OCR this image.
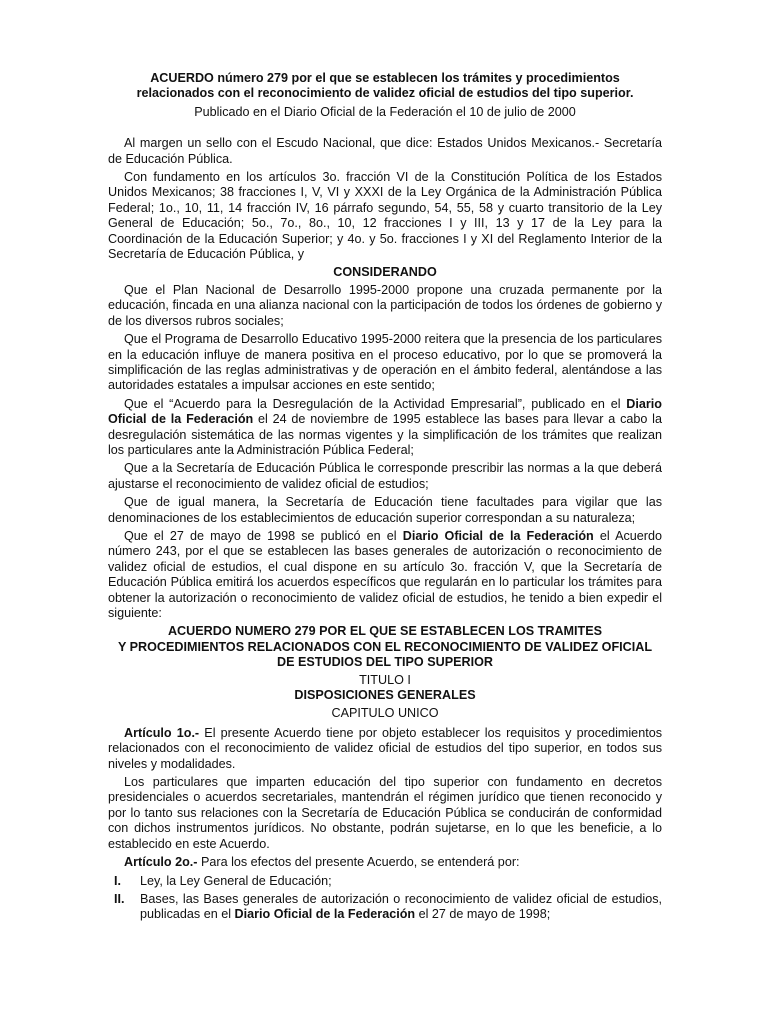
ACUERDO número 279 por el que se establecen los trámites y procedimientos
relacionados con el reconocimiento de validez oficial de estudios del tipo superior.
Publicado en el Diario Oficial de la Federación el 10 de julio de 2000

Al margen un sello con el Escudo Nacional, que dice: Estados Unidos Mexicanos.- Secretaría de Educación Pública.

Con fundamento en los artículos 3o. fracción VI de la Constitución Política de los Estados Unidos Mexicanos; 38 fracciones I, V, VI y XXXI de la Ley Orgánica de la Administración Pública Federal; 1o., 10, 11, 14 fracción IV, 16 párrafo segundo, 54, 55, 58 y cuarto transitorio de la Ley General de Educación; 5o., 7o., 8o., 10, 12 fracciones I y III, 13 y 17 de la Ley para la Coordinación de la Educación Superior; y 4o. y 5o. fracciones I y XI del Reglamento Interior de la Secretaría de Educación Pública, y

CONSIDERANDO

Que el Plan Nacional de Desarrollo 1995-2000 propone una cruzada permanente por la educación, fincada en una alianza nacional con la participación de todos los órdenes de gobierno y de los diversos rubros sociales;

Que el Programa de Desarrollo Educativo 1995-2000 reitera que la presencia de los particulares en la educación influye de manera positiva en el proceso educativo, por lo que se promoverá la simplificación de las reglas administrativas y de operación en el ámbito federal, alentándose a las autoridades estatales a impulsar acciones en este sentido;

Que el “Acuerdo para la Desregulación de la Actividad Empresarial”, publicado en el Diario Oficial de la Federación el 24 de noviembre de 1995 establece las bases para llevar a cabo la desregulación sistemática de las normas vigentes y la simplificación de los trámites que realizan los particulares ante la Administración Pública Federal;

Que a la Secretaría de Educación Pública le corresponde prescribir las normas a la que deberá ajustarse el reconocimiento de validez oficial de estudios;

Que de igual manera, la Secretaría de Educación tiene facultades para vigilar que las denominaciones de los establecimientos de educación superior correspondan a su naturaleza;

Que el 27 de mayo de 1998 se publicó en el Diario Oficial de la Federación el Acuerdo número 243, por el que se establecen las bases generales de autorización o reconocimiento de validez oficial de estudios, el cual dispone en su artículo 3o. fracción V, que la Secretaría de Educación Pública emitirá los acuerdos específicos que regularán en lo particular los trámites para obtener la autorización o reconocimiento de validez oficial de estudios, he tenido a bien expedir el siguiente:

ACUERDO NUMERO 279 POR EL QUE SE ESTABLECEN LOS TRAMITES
Y PROCEDIMIENTOS RELACIONADOS CON EL RECONOCIMIENTO DE VALIDEZ OFICIAL
DE ESTUDIOS DEL TIPO SUPERIOR
TITULO I
DISPOSICIONES GENERALES
CAPITULO UNICO

Artículo 1o.- El presente Acuerdo tiene por objeto establecer los requisitos y procedimientos relacionados con el reconocimiento de validez oficial de estudios del tipo superior, en todos sus niveles y modalidades.

Los particulares que imparten educación del tipo superior con fundamento en decretos presidenciales o acuerdos secretariales, mantendrán el régimen jurídico que tienen reconocido y por lo tanto sus relaciones con la Secretaría de Educación Pública se conducirán de conformidad con dichos instrumentos jurídicos. No obstante, podrán sujetarse, en lo que les beneficie, a lo establecido en este Acuerdo.

Artículo 2o.- Para los efectos del presente Acuerdo, se entenderá por:

I.	Ley, la Ley General de Educación;
II.	Bases, las Bases generales de autorización o reconocimiento de validez oficial de estudios, publicadas en el Diario Oficial de la Federación el 27 de mayo de 1998;
